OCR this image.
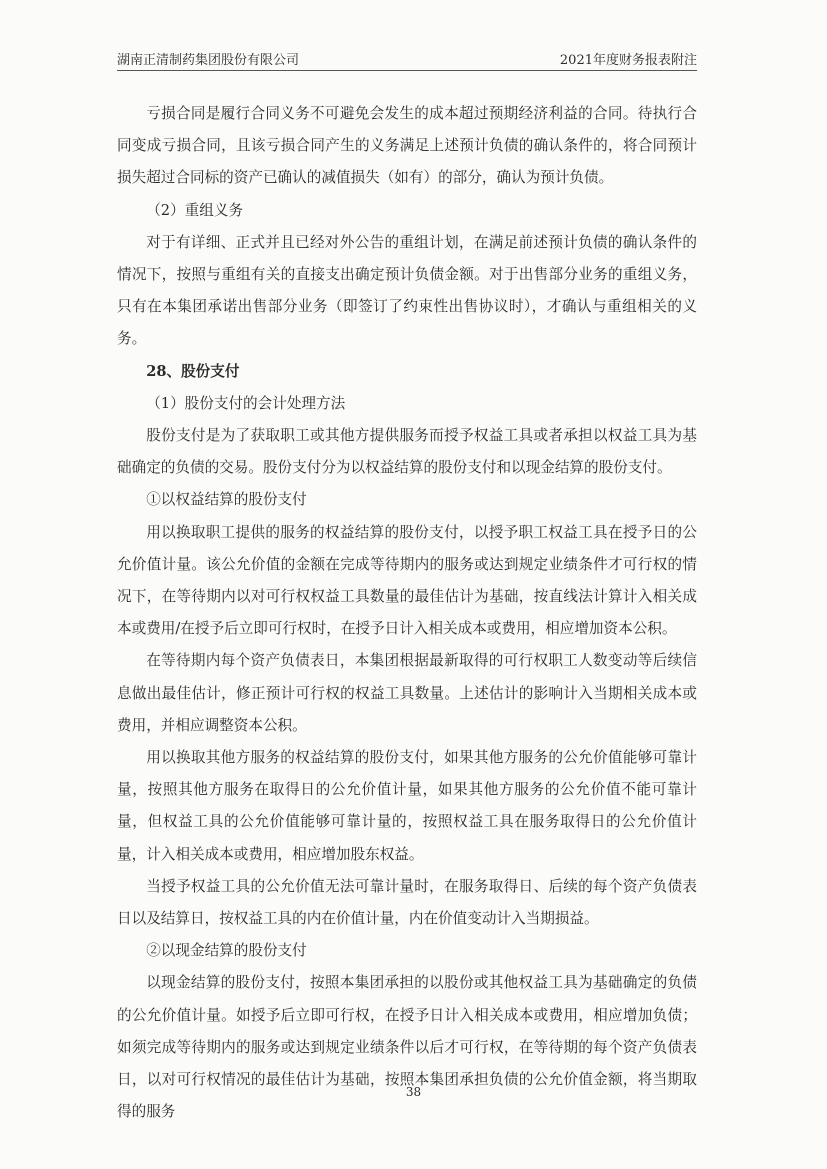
湖南正清制药集团股份有限公司	2021年度财务报表附注

亏损合同是履行合同义务不可避免会发生的成本超过预期经济利益的合同。待执行合同变成亏损合同，且该亏损合同产生的义务满足上述预计负债的确认条件的，将合同预计损失超过合同标的资产已确认的减值损失（如有）的部分，确认为预计负债。

（2）重组义务

对于有详细、正式并且已经对外公告的重组计划，在满足前述预计负债的确认条件的情况下，按照与重组有关的直接支出确定预计负债金额。对于出售部分业务的重组义务，只有在本集团承诺出售部分业务（即签订了约束性出售协议时），才确认与重组相关的义务。

28、股份支付

（1）股份支付的会计处理方法

股份支付是为了获取职工或其他方提供服务而授予权益工具或者承担以权益工具为基础确定的负债的交易。股份支付分为以权益结算的股份支付和以现金结算的股份支付。

①以权益结算的股份支付

用以换取职工提供的服务的权益结算的股份支付，以授予职工权益工具在授予日的公允价值计量。该公允价值的金额在完成等待期内的服务或达到规定业绩条件才可行权的情况下，在等待期内以对可行权权益工具数量的最佳估计为基础，按直线法计算计入相关成本或费用/在授予后立即可行权时，在授予日计入相关成本或费用，相应增加资本公积。

在等待期内每个资产负债表日，本集团根据最新取得的可行权职工人数变动等后续信息做出最佳估计，修正预计可行权的权益工具数量。上述估计的影响计入当期相关成本或费用，并相应调整资本公积。

用以换取其他方服务的权益结算的股份支付，如果其他方服务的公允价值能够可靠计量，按照其他方服务在取得日的公允价值计量，如果其他方服务的公允价值不能可靠计量，但权益工具的公允价值能够可靠计量的，按照权益工具在服务取得日的公允价值计量，计入相关成本或费用，相应增加股东权益。

当授予权益工具的公允价值无法可靠计量时，在服务取得日、后续的每个资产负债表日以及结算日，按权益工具的内在价值计量，内在价值变动计入当期损益。

②以现金结算的股份支付

以现金结算的股份支付，按照本集团承担的以股份或其他权益工具为基础确定的负债的公允价值计量。如授予后立即可行权，在授予日计入相关成本或费用，相应增加负债；如须完成等待期内的服务或达到规定业绩条件以后才可行权，在等待期的每个资产负债表日，以对可行权情况的最佳估计为基础，按照本集团承担负债的公允价值金额，将当期取得的服务

38
